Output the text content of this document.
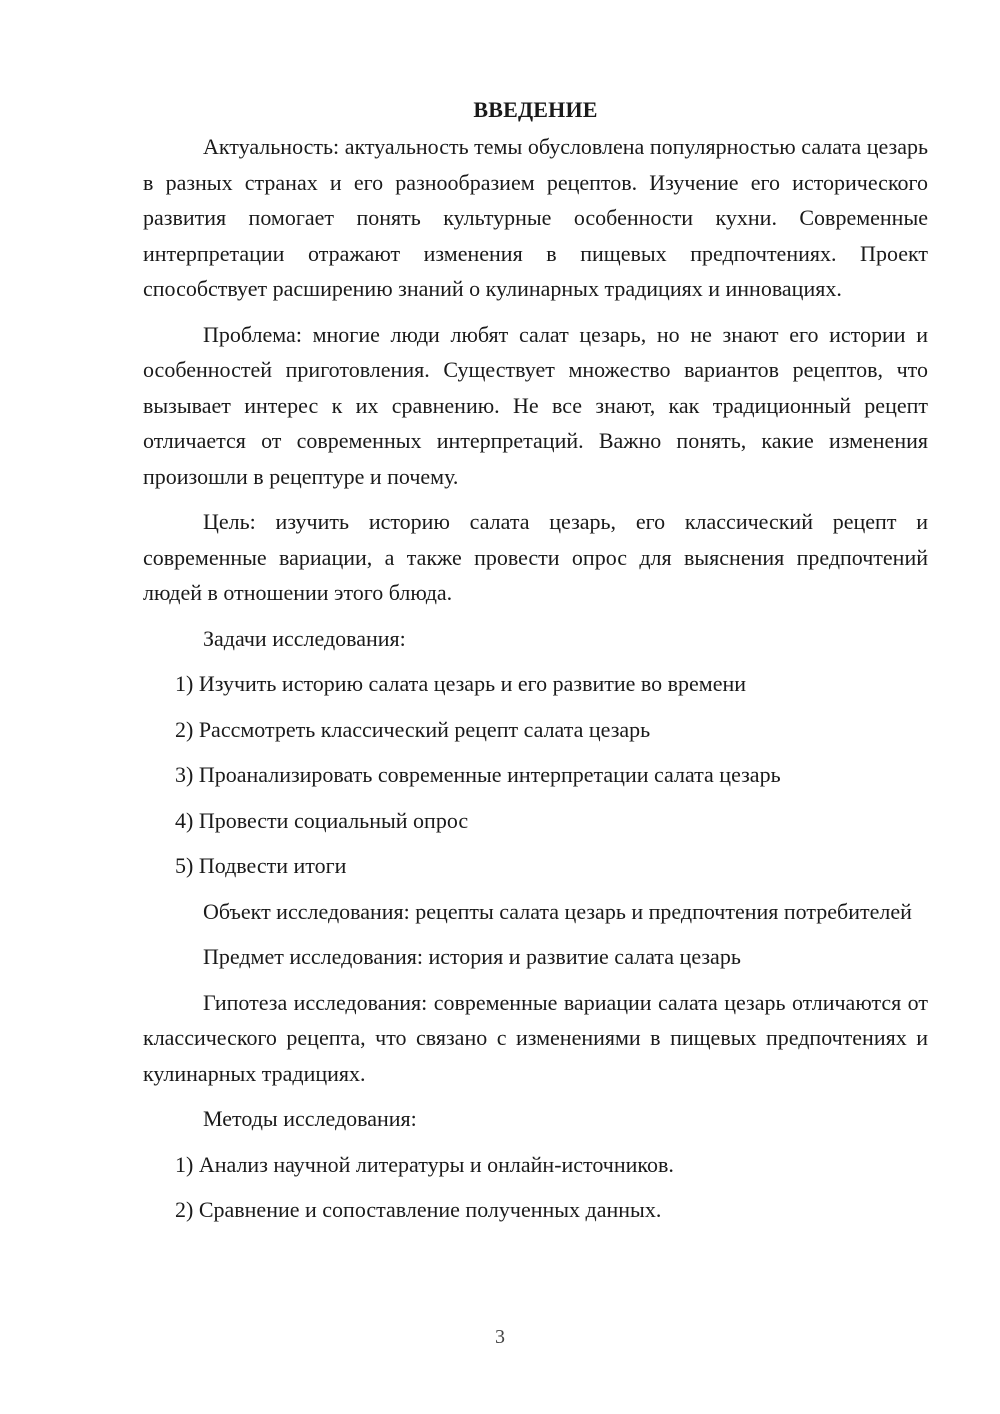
ВВЕДЕНИЕ

Актуальность: актуальность темы обусловлена популярностью салата цезарь в разных странах и его разнообразием рецептов. Изучение его исторического развития помогает понять культурные особенности кухни. Современные интерпретации отражают изменения в пищевых предпочтениях. Проект способствует расширению знаний о кулинарных традициях и инновациях.

Проблема: многие люди любят салат цезарь, но не знают его истории и особенностей приготовления. Существует множество вариантов рецептов, что вызывает интерес к их сравнению. Не все знают, как традиционный рецепт отличается от современных интерпретаций. Важно понять, какие изменения произошли в рецептуре и почему.

Цель: изучить историю салата цезарь, его классический рецепт и современные вариации, а также провести опрос для выяснения предпочтений людей в отношении этого блюда.

Задачи исследования:

1) Изучить историю салата цезарь и его развитие во времени
2) Рассмотреть классический рецепт салата цезарь
3) Проанализировать современные интерпретации салата цезарь
4) Провести социальный опрос
5) Подвести итоги

Объект исследования: рецепты салата цезарь и предпочтения потребителей

Предмет исследования: история и развитие салата цезарь

Гипотеза исследования: современные вариации салата цезарь отличаются от классического рецепта, что связано с изменениями в пищевых предпочтениях и кулинарных традициях.

Методы исследования:

1) Анализ научной литературы и онлайн-источников.
2) Сравнение и сопоставление полученных данных.
3
